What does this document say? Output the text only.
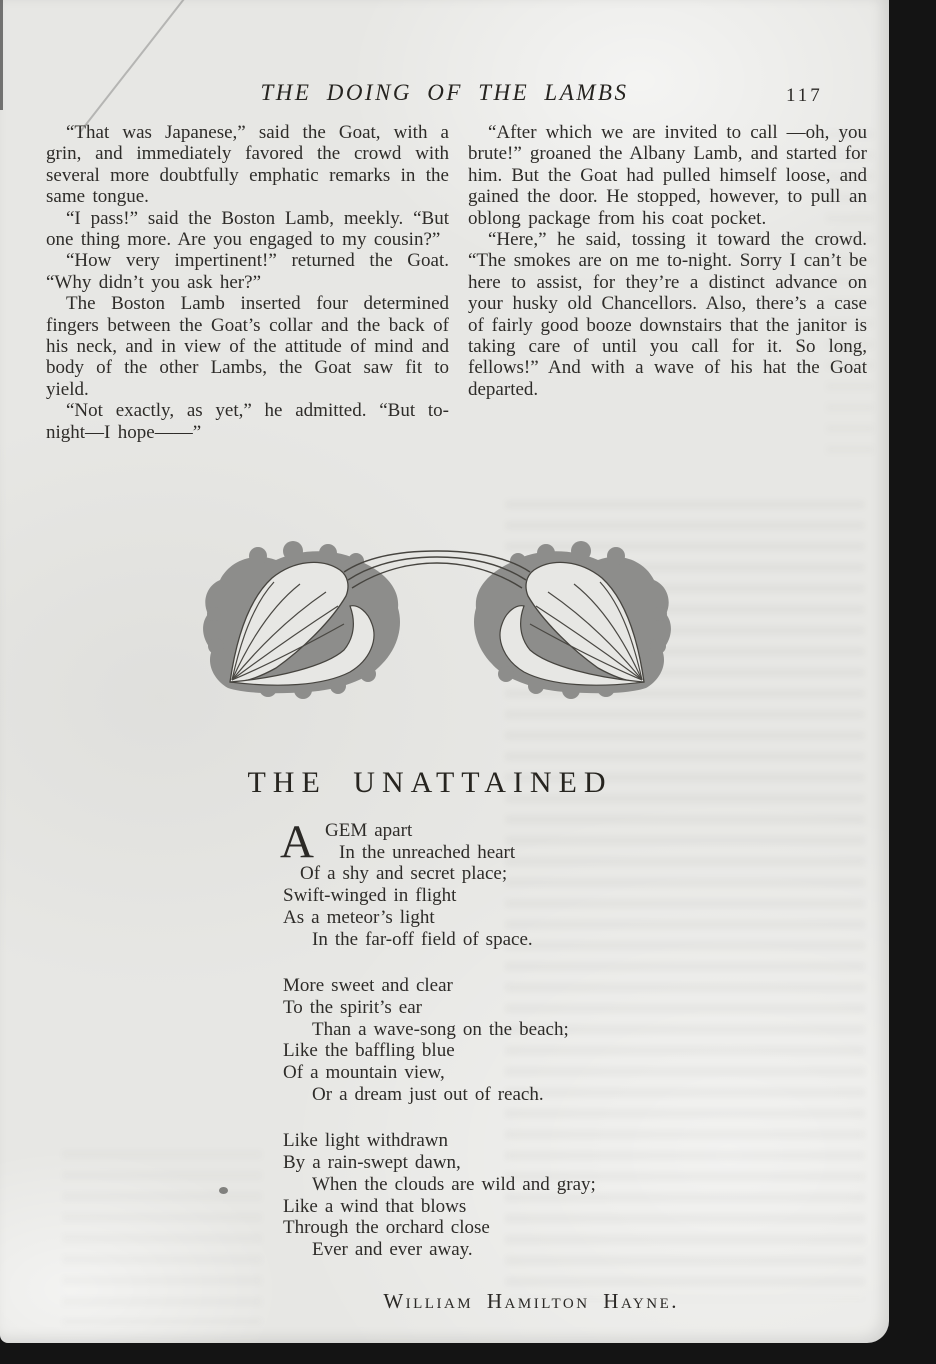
THE DOING OF THE LAMBS	117

“That was Japanese,” said the Goat, with a grin, and immediately favored the crowd with several more doubtfully emphatic remarks in the same tongue.

“I pass!” said the Boston Lamb, meekly. “But one thing more. Are you engaged to my cousin?”

“How very impertinent!” returned the Goat. “Why didn’t you ask her?”

The Boston Lamb inserted four determined fingers between the Goat’s collar and the back of his neck, and in view of the attitude of mind and body of the other Lambs, the Goat saw fit to yield.

“Not exactly, as yet,” he admitted. “But to-night—I hope——”

“After which we are invited to call —oh, you brute!” groaned the Albany Lamb, and started for him. But the Goat had pulled himself loose, and gained the door. He stopped, however, to pull an oblong package from his coat pocket.

“Here,” he said, tossing it toward the crowd. “The smokes are on me to-night. Sorry I can’t be here to assist, for they’re a distinct advance on your husky old Chancellors. Also, there’s a case of fairly good booze downstairs that the janitor is taking care of until you call for it. So long, fellows!” And with a wave of his hat the Goat departed.

THE UNATTAINED
A GEM apart
In the unreached heart
Of a shy and secret place;
Swift-winged in flight
As a meteor’s light
In the far-off field of space.
More sweet and clear
To the spirit’s ear
Than a wave-song on the beach;
Like the baffling blue
Of a mountain view,
Or a dream just out of reach.
Like light withdrawn
By a rain-swept dawn,
When the clouds are wild and gray;
Like a wind that blows
Through the orchard close
Ever and ever away.
William Hamilton Hayne.
